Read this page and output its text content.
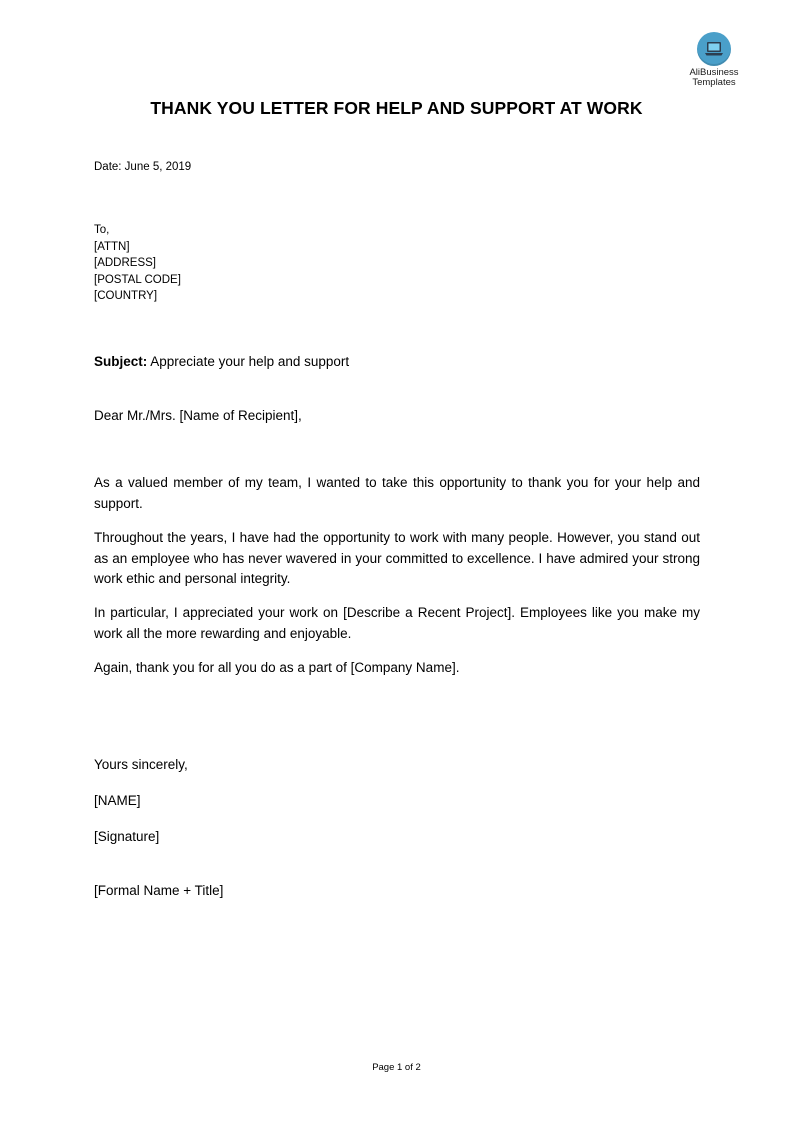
AliBusiness
Templates
THANK YOU LETTER FOR HELP AND SUPPORT AT WORK
Date: June 5, 2019
To,
[ATTN]
[ADDRESS]
[POSTAL CODE]
[COUNTRY]
Subject: Appreciate your help and support
Dear Mr./Mrs. [Name of Recipient],
As a valued member of my team, I wanted to take this opportunity to thank you for your help and support.
Throughout the years, I have had the opportunity to work with many people. However, you stand out as an employee who has never wavered in your committed to excellence. I have admired your strong work ethic and personal integrity.
In particular, I appreciated your work on [Describe a Recent Project]. Employees like you make my work all the more rewarding and enjoyable.
Again, thank you for all you do as a part of [Company Name].
Yours sincerely,
[NAME]
[Signature]
[Formal Name + Title]
Page 1 of 2
